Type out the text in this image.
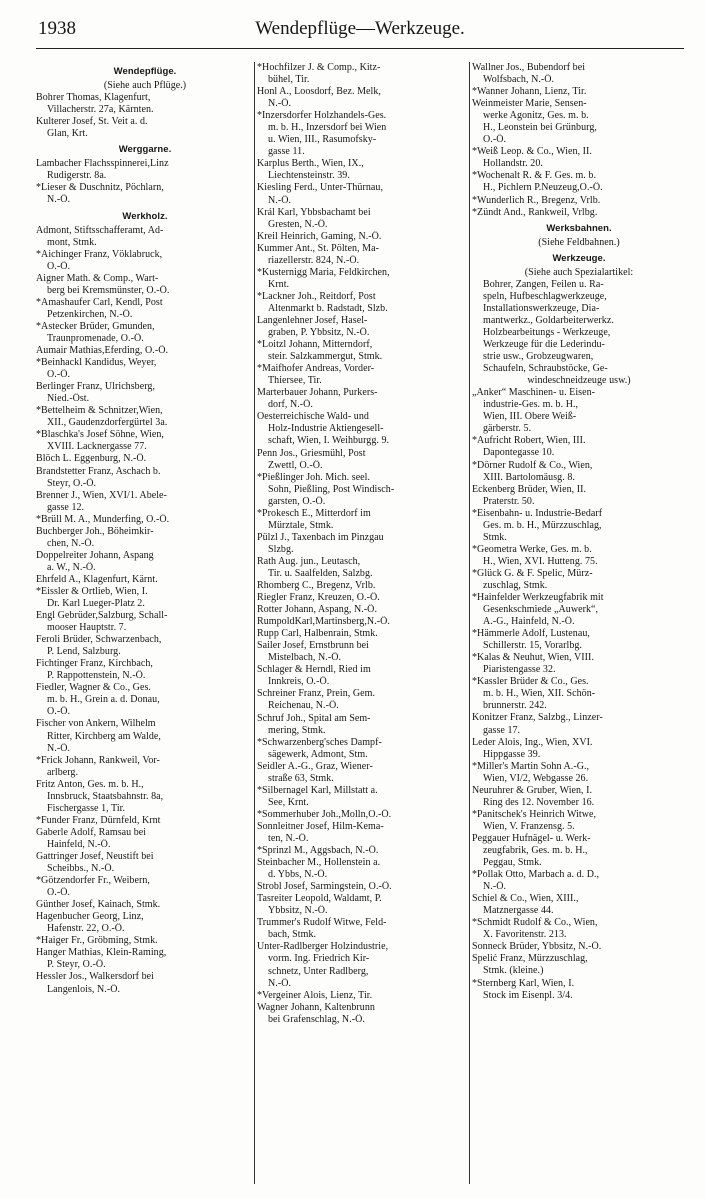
1938	Wendepflüge—Werkzeuge.
Wendepflüge.
(Siehe auch Pflüge.)
Bohrer Thomas, Klagenfurt,
Villacherstr. 27a, Kärnten.
Kulterer Josef, St. Veit a. d.
Glan, Krt.
Werggarne.
Lambacher Flachsspinnerei,Linz
Rudigerstr. 8a.
*Lieser & Duschnitz, Pöchlarn,
N.-Ö.
Werkholz.
Admont, Stiftsschafferamt, Ad-
mont, Stmk.
*Aichinger Franz, Vöklabruck,
O.-Ö.
Aigner Math. & Comp., Wart-
berg bei Kremsmünster, O.-Ö.
*Amashaufer Carl, Kendl, Post
Petzenkirchen, N.-Ö.
*Astecker Brüder, Gmunden,
Traunpromenade, O.-Ö.
Aumair Mathias,Eferding, O.-Ö.
*Beinhackl Kandidus, Weyer,
O.-Ö.
Berlinger Franz, Ulrichsberg,
Nied.-Öst.
*Bettelheim & Schnitzer,Wien,
XII., Gaudenzdorfergürtel 3a.
*Blaschka's Josef Söhne, Wien,
XVIII. Lacknergasse 77.
Blöch L. Eggenburg, N.-Ö.
Brandstetter Franz, Aschach b.
Steyr, O.-Ö.
Brenner J., Wien, XVI/1. Abele-
gasse 12.
*Brüll M. A., Munderfing, O.-Ö.
Buchberger Joh., Böheimkir-
chen, N.-Ö.
Doppelreiter Johann, Aspang
a. W., N.-Ö.
Ehrfeld A., Klagenfurt, Kärnt.
*Eissler & Ortlieb, Wien, I.
Dr. Karl Lueger-Platz 2.
Engl Gebrüder,Salzburg, Schall-
mooser Hauptstr. 7.
Feroli Brüder, Schwarzenbach,
P. Lend, Salzburg.
Fichtinger Franz, Kirchbach,
P. Rappottenstein, N.-Ö.
Fiedler, Wagner & Co., Ges.
m. b. H., Grein a. d. Donau,
O.-Ö.
Fischer von Ankern, Wilhelm
Ritter, Kirchberg am Walde,
N.-Ö.
*Frick Johann, Rankweil, Vor-
arlberg.
Fritz Anton, Ges. m. b. H.,
Innsbruck, Staatsbahnstr. 8a,
Fischergasse 1, Tir.
*Funder Franz, Dürnfeld, Krnt
Gaberle Adolf, Ramsau bei
Hainfeld, N.-Ö.
Gattringer Josef, Neustift bei
Scheibbs., N.-Ö.
*Götzendorfer Fr., Weibern,
O.-Ö.
Günther Josef, Kainach, Stmk.
Hagenbucher Georg, Linz,
Hafenstr. 22, O.-Ö.
*Haiger Fr., Gröbming, Stmk.
Hanger Mathias, Klein-Raming,
P. Steyr, O.-Ö.
Hessler Jos., Walkersdorf bei
Langenlois, N.-Ö.
*Hochfilzer J. & Comp., Kitz-
bühel, Tir.
Honl A., Loosdorf, Bez. Melk,
N.-Ö.
*Inzersdorfer Holzhandels-Ges.
m. b. H., Inzersdorf bei Wien
u. Wien, III., Rasumofsky-
gasse 11.
Karplus Berth., Wien, IX.,
Liechtensteinstr. 39.
Kiesling Ferd., Unter-Thürnau,
N.-Ö.
Král Karl, Ybbsbachamt bei
Gresten, N.-Ö.
Kreil Heinrich, Gaming, N.-Ö.
Kummer Ant., St. Pölten, Ma-
riazellerstr. 824, N.-Ö.
*Kusternigg Maria, Feldkirchen,
Krnt.
*Lackner Joh., Reitdorf, Post
Altenmarkt b. Radstadt, Slzb.
Langenlehner Josef, Hasel-
graben, P. Ybbsitz, N.-Ö.
*Loitzl Johann, Mitterndorf,
steir. Salzkammergut, Stmk.
*Maifhofer Andreas, Vorder-
Thiersee, Tir.
Marterbauer Johann, Purkers-
dorf, N.-Ö.
Oesterreichische Wald- und
Holz-Industrie Aktiengesell-
schaft, Wien, I. Weihburgg. 9.
Penn Jos., Griesmühl, Post
Zwettl, O.-Ö.
*Pießlinger Joh. Mich. seel.
Sohn, Pießling, Post Windisch-
garsten, O.-Ö.
*Prokesch E., Mitterdorf im
Mürztale, Stmk.
Pülzl J., Taxenbach im Pinzgau
Slzbg.
Rath Aug. jun., Leutasch,
Tir. u. Saalfelden, Salzbg.
Rhomberg C., Bregenz, Vrlb.
Riegler Franz, Kreuzen, O.-Ö.
Rotter Johann, Aspang, N.-Ö.
RumpoldKarl,Martinsberg,N.-Ö.
Rupp Carl, Halbenrain, Stmk.
Sailer Josef, Ernstbrunn bei
Mistelbach, N.-Ö.
Schlager & Herndl, Ried im
Innkreis, O.-Ö.
Schreiner Franz, Prein, Gem.
Reichenau, N.-Ö.
Schruf Joh., Spital am Sem-
mering, Stmk.
*Schwarzenberg'sches Dampf-
sägewerk, Admont, Stm.
Seidler A.-G., Graz, Wiener-
straße 63, Stmk.
*Silbernagel Karl, Millstatt a.
See, Krnt.
*Sommerhuber Joh.,Molln,O.-Ö.
Sonnleitner Josef, Hilm-Kema-
ten, N.-Ö.
*Sprinzl M., Aggsbach, N.-Ö.
Steinbacher M., Hollenstein a.
d. Ybbs, N.-Ö.
Strobl Josef, Sarmingstein, O.-Ö.
Tasreiter Leopold, Waldamt, P.
Ybbsitz, N.-Ö.
Trummer's Rudolf Witwe, Feld-
bach, Stmk.
Unter-Radlberger Holzindustrie,
vorm. Ing. Friedrich Kir-
schnetz, Unter Radlberg,
N.-Ö.
*Vergeiner Alois, Lienz, Tir.
Wagner Johann, Kaltenbrunn
bei Grafenschlag, N.-Ö.
Wallner Jos., Bubendorf bei
Wolfsbach, N.-Ö.
*Wanner Johann, Lienz, Tir.
Weinmeister Marie, Sensen-
werke Agonitz, Ges. m. b.
H., Leonstein bei Grünburg,
O.-Ö.
*Weiß Leop. & Co., Wien, II.
Hollandstr. 20.
*Wochenalt R. & F. Ges. m. b.
H., Pichlern P.Neuzeug,O.-Ö.
*Wunderlich R., Bregenz, Vrlb.
*Zündt And., Rankweil, Vrlbg.
Werksbahnen.
(Siehe Feldbahnen.)
Werkzeuge.
(Siehe auch Spezialartikel:
Bohrer, Zangen, Feilen u. Ra-
speln, Hufbeschlagwerkzeuge,
Installationswerkzeuge, Dia-
mantwerkz., Goldarbeiterwerkz.
Holzbearbeitungs - Werkzeuge,
Werkzeuge für die Lederindu-
strie usw., Grobzeugwaren,
Schaufeln, Schraubstöcke, Ge-
windeschneidzeuge usw.)
„Anker“ Maschinen- u. Eisen-
industrie-Ges. m. b. H.,
Wien, III. Obere Weiß-
gärberstr. 5.
*Aufricht Robert, Wien, III.
Dapontegasse 10.
*Dörner Rudolf & Co., Wien,
XIII. Bartolomäusg. 8.
Eckenberg Brüder, Wien, II.
Praterstr. 50.
*Eisenbahn- u. Industrie-Bedarf
Ges. m. b. H., Mürzzuschlag,
Stmk.
*Geometra Werke, Ges. m. b.
H., Wien, XVI. Hutteng. 75.
*Glück G. & F. Spelic, Mürz-
zuschlag, Stmk.
*Hainfelder Werkzeugfabrik mit
Gesenkschmiede „Auwerk“,
A.-G., Hainfeld, N.-Ö.
*Hämmerle Adolf, Lustenau,
Schillerstr. 15, Vorarlbg.
*Kalas & Neuhut, Wien, VIII.
Piaristengasse 32.
*Kassler Brüder & Co., Ges.
m. b. H., Wien, XII. Schön-
brunnerstr. 242.
Konitzer Franz, Salzbg., Linzer-
gasse 17.
Leder Alois, Ing., Wien, XVI.
Hippgasse 39.
*Miller's Martin Sohn A.-G.,
Wien, VI/2, Webgasse 26.
Neuruhrer & Gruber, Wien, I.
Ring des 12. November 16.
*Panitschek's Heinrich Witwe,
Wien, V. Franzensg. 5.
Peggauer Hufnägel- u. Werk-
zeugfabrik, Ges. m. b. H.,
Peggau, Stmk.
*Pollak Otto, Marbach a. d. D.,
N.-Ö.
Schiel & Co., Wien, XIII.,
Matznergasse 44.
*Schmidt Rudolf & Co., Wien,
X. Favoritenstr. 213.
Sonneck Brüder, Ybbsitz, N.-Ö.
Spelić Franz, Mürzzuschlag,
Stmk. (kleine.)
*Sternberg Karl, Wien, I.
Stock im Eisenpl. 3/4.
